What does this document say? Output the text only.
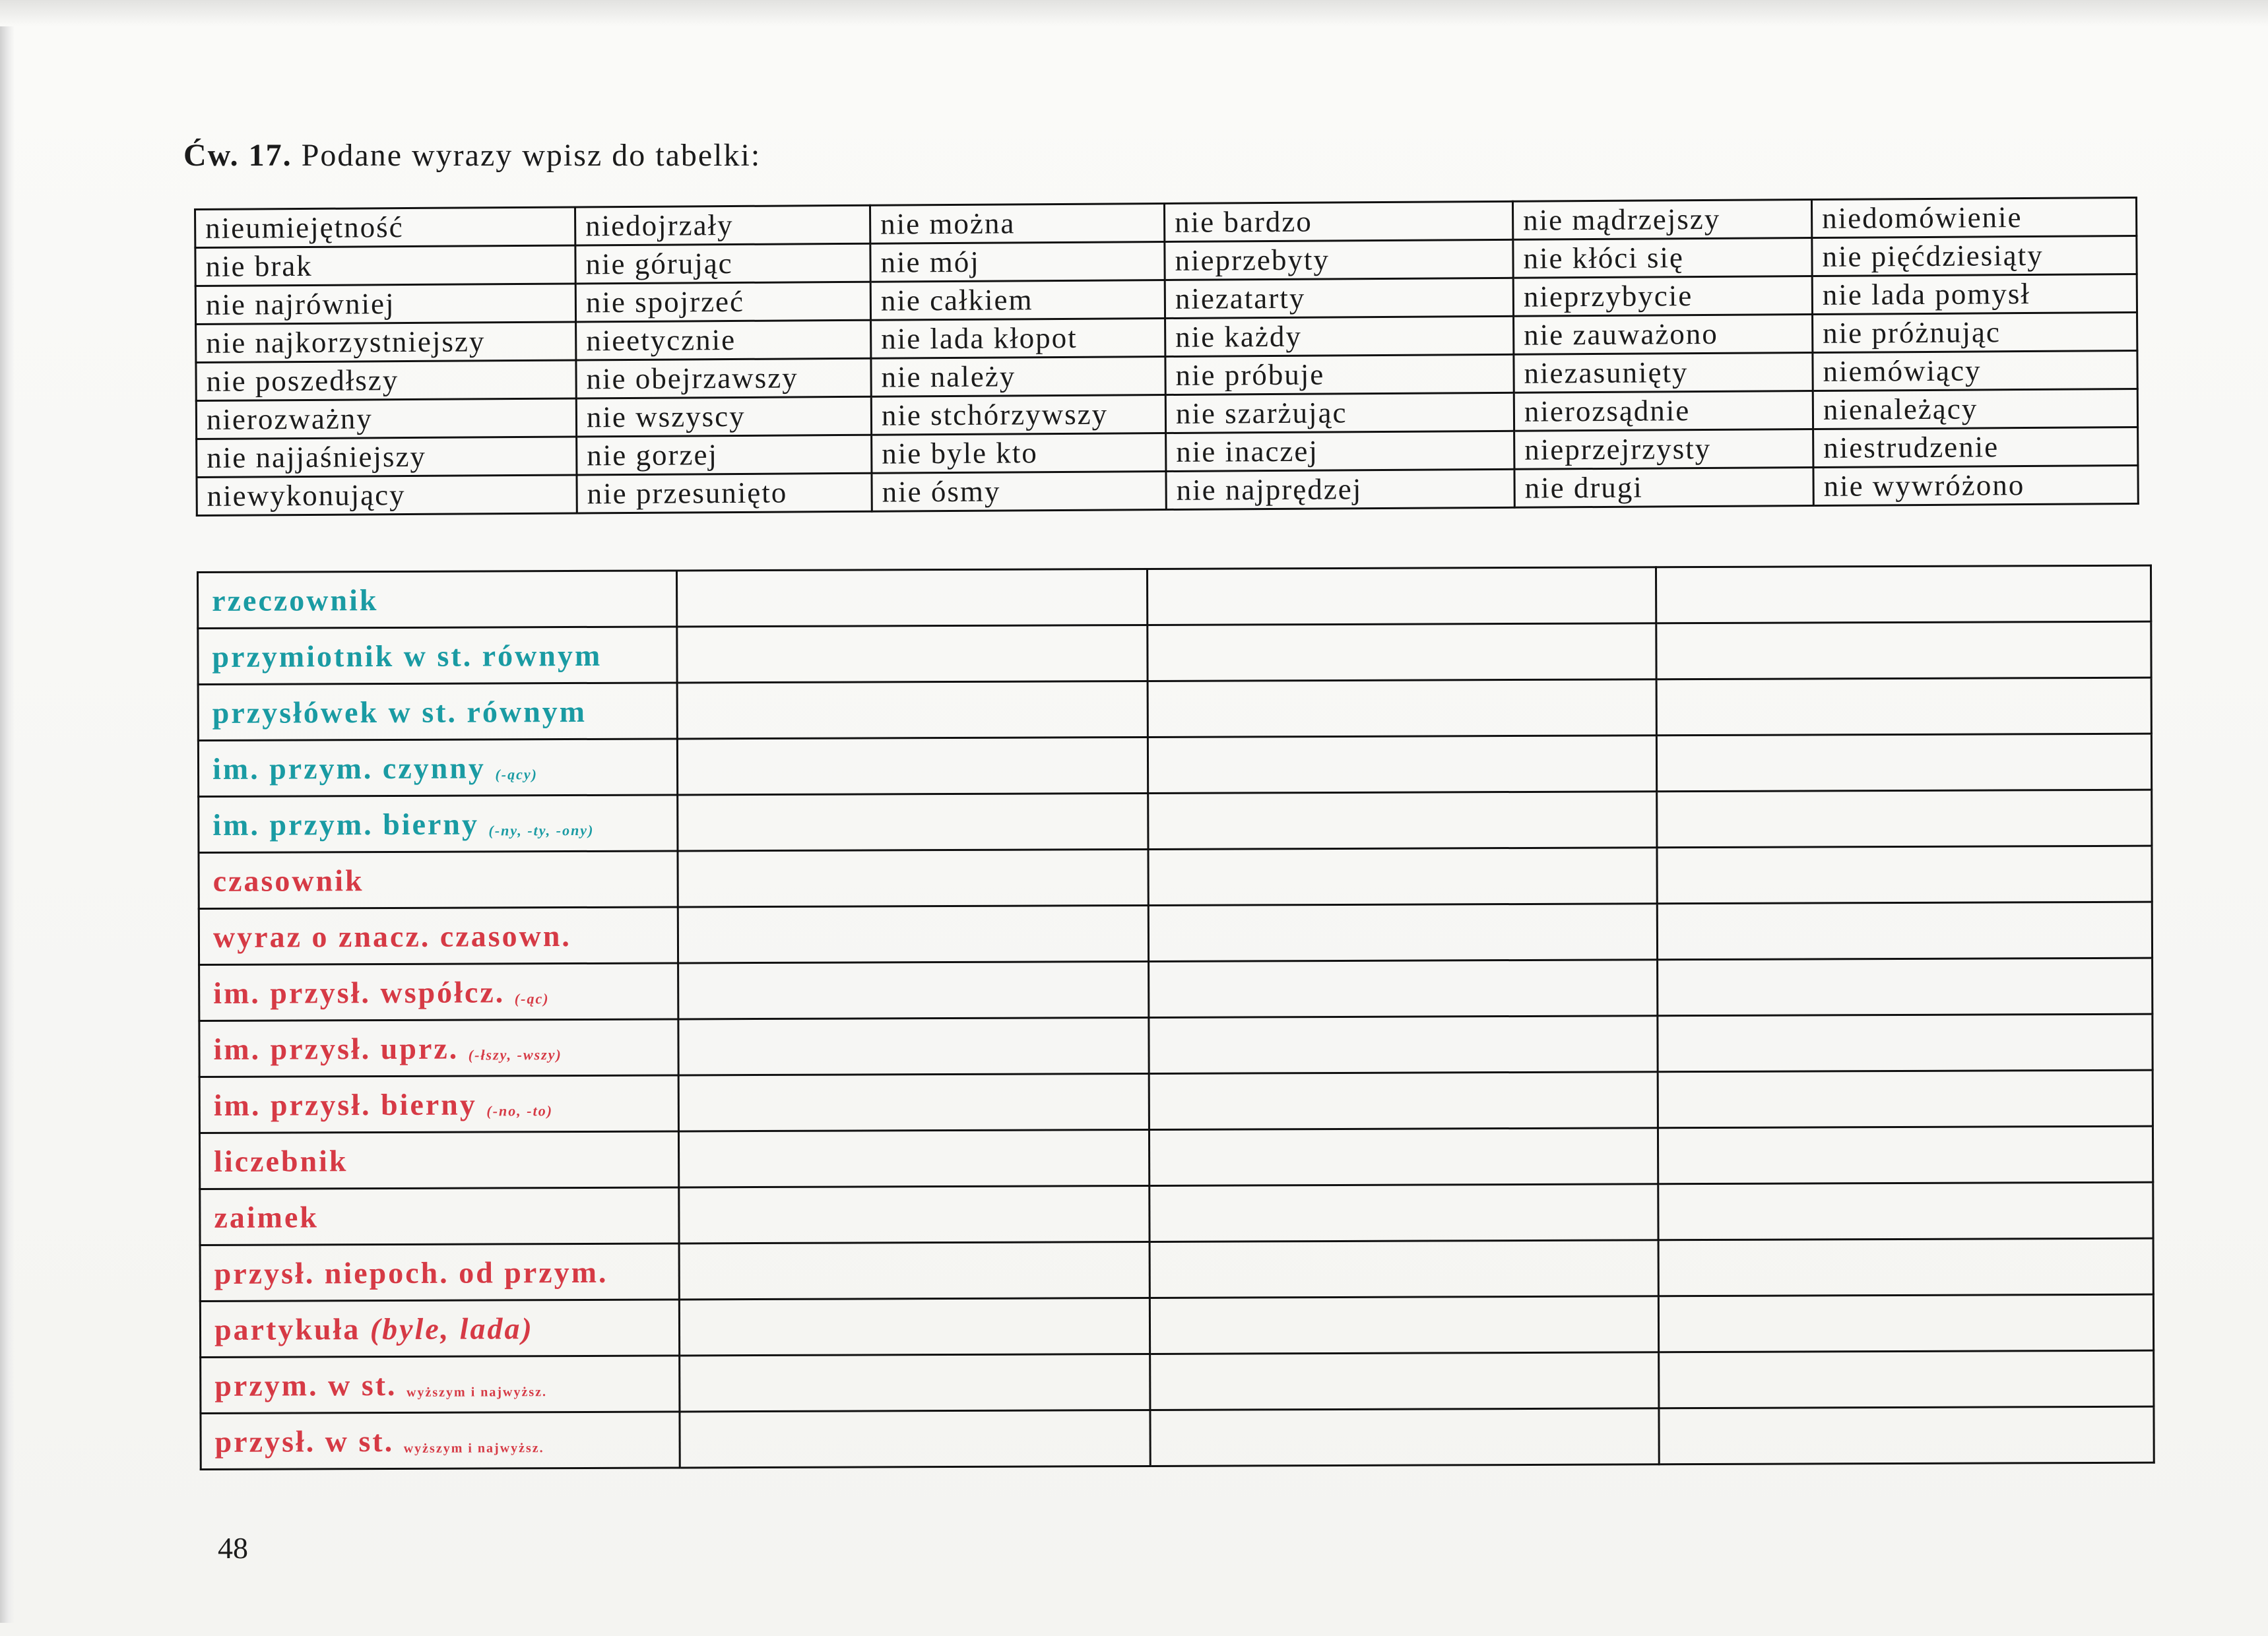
Ćw. 17. Podane wyrazy wpisz do tabelki:
nieumiejętność	niedojrzały	nie można	nie bardzo	nie mądrzejszy	niedomówienie
nie brak	nie górując	nie mój	nieprzebyty	nie kłóci się	nie pięćdziesiąty
nie najrówniej	nie spojrzeć	nie całkiem	niezatarty	nieprzybycie	nie lada pomysł
nie najkorzystniejszy	nieetycznie	nie lada kłopot	nie każdy	nie zauważono	nie próżnując
nie poszedłszy	nie obejrzawszy	nie należy	nie próbuje	niezasunięty	niemówiący
nierozważny	nie wszyscy	nie stchórzywszy	nie szarżując	nierozsądnie	nienależący
nie najjaśniejszy	nie gorzej	nie byle kto	nie inaczej	nieprzejrzysty	niestrudzenie
niewykonujący	nie przesunięto	nie ósmy	nie najprędzej	nie drugi	nie wywróżono
rzeczownik			
przymiotnik w st. równym			
przysłówek w st. równym			
im. przym. czynny (-ący)			
im. przym. bierny (-ny, -ty, -ony)			
czasownik			
wyraz o znacz. czasown.			
im. przysł. współcz. (-ąc)			
im. przysł. uprz. (-łszy, -wszy)			
im. przysł. bierny (-no, -to)			
liczebnik			
zaimek			
przysł. niepoch. od przym.			
partykuła (byle, lada)			
przym. w st. wyższym i najwyższ.			
przysł. w st. wyższym i najwyższ.			
48
